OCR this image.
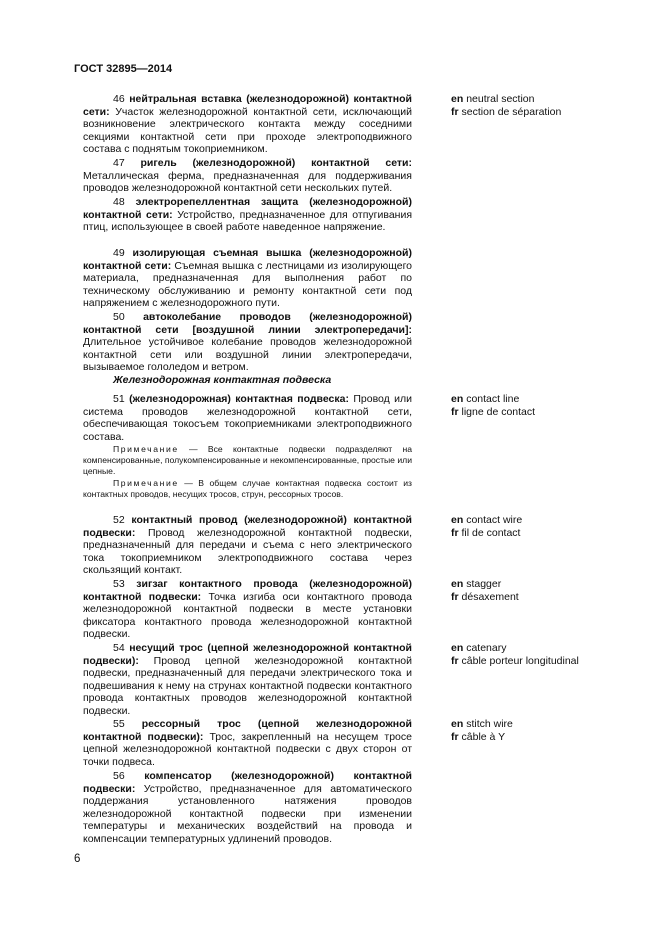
ГОСТ 32895—2014
46 нейтральная вставка (железнодорожной) контактной сети: Участок железнодорожной контактной сети, исключающий возникновение электрического контакта между соседними секциями контактной сети при проходе электроподвижного состава с поднятым токоприемником.
en neutral section
fr section de séparation
47 ригель (железнодорожной) контактной сети: Металлическая ферма, предназначенная для поддерживания проводов железнодорожной контактной сети нескольких путей.
48 электрорепеллентная защита (железнодорожной) контактной сети: Устройство, предназначенное для отпугивания птиц, использующее в своей работе наведенное напряжение.
49 изолирующая съемная вышка (железнодорожной) контактной сети: Съемная вышка с лестницами из изолирующего материала, предназначенная для выполнения работ по техническому обслуживанию и ремонту контактной сети под напряжением с железнодорожного пути.
50 автоколебание проводов (железнодорожной) контактной сети [воздушной линии электропередачи]: Длительное устойчивое колебание проводов железнодорожной контактной сети или воздушной линии электропередачи, вызываемое гололедом и ветром.
Железнодорожная контактная подвеска
51 (железнодорожная) контактная подвеска: Провод или система проводов железнодорожной контактной сети, обеспечивающая токосъем токоприемниками электроподвижного состава.
en contact line
fr ligne de contact
Примечание — Все контактные подвески подразделяют на компенсированные, полукомпенсированные и некомпенсированные, простые или цепные.
Примечание — В общем случае контактная подвеска состоит из контактных проводов, несущих тросов, струн, рессорных тросов.
52 контактный провод (железнодорожной) контактной подвески: Провод железнодорожной контактной подвески, предназначенный для передачи и съема с него электрического тока токоприемником электроподвижного состава через скользящий контакт.
en contact wire
fr fil de contact
53 зигзаг контактного провода (железнодорожной) контактной подвески: Точка изгиба оси контактного провода железнодорожной контактной подвески в месте установки фиксатора контактного провода железнодорожной контактной подвески.
en stagger
fr désaxement
54 несущий трос (цепной железнодорожной контактной подвески): Провод цепной железнодорожной контактной подвески, предназначенный для передачи электрического тока и подвешивания к нему на струнах контактной подвески контактного провода контактных проводов железнодорожной контактной подвески.
en catenary
fr câble porteur longitudinal
55 рессорный трос (цепной железнодорожной контактной подвески): Трос, закрепленный на несущем тросе цепной железнодорожной контактной подвески с двух сторон от точки подвеса.
en stitch wire
fr câble à Y
56 компенсатор (железнодорожной) контактной подвески: Устройство, предназначенное для автоматического поддержания установленного натяжения проводов железнодорожной контактной подвески при изменении температуры и механических воздействий на провода и компенсации температурных удлинений проводов.
6
